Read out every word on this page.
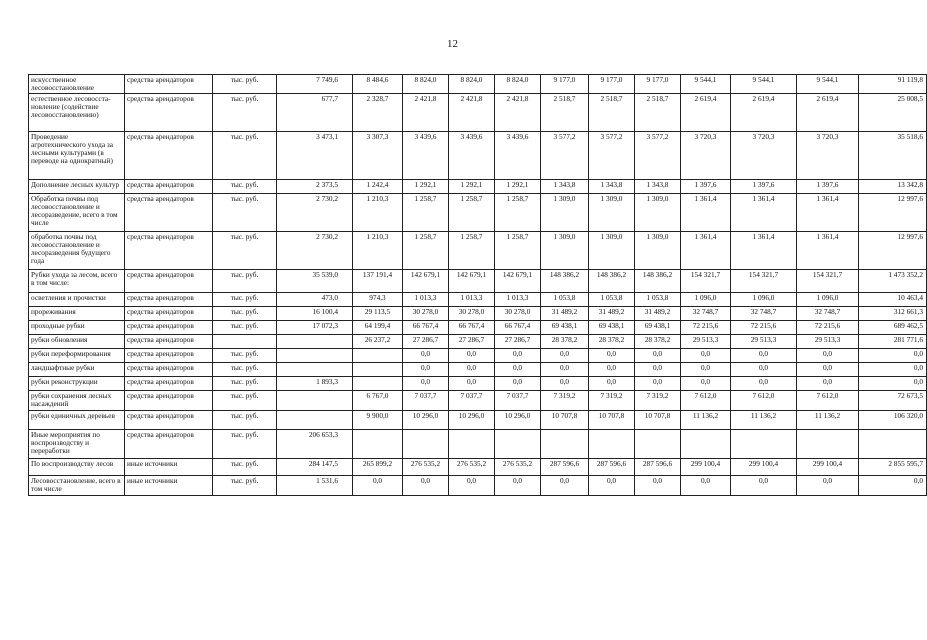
12
искусственное лесовосстановление	средства арендаторов	тыс. руб.	7 749,6	8 484,6	8 824,0	8 824,0	8 824,0	9 177,0	9 177,0	9 177,0	9 544,1	9 544,1	9 544,1	91 119,8
естественное лесовосста-новление (содействие лесовосстановлению)	средства арендаторов	тыс. руб.	677,7	2 328,7	2 421,8	2 421,8	2 421,8	2 518,7	2 518,7	2 518,7	2 619,4	2 619,4	2 619,4	25 008,5
Проведение агротехнического ухода за лесными культурами (в переводе на однократный)	средства арендаторов	тыс. руб.	3 473,1	3 307,3	3 439,6	3 439,6	3 439,6	3 577,2	3 577,2	3 577,2	3 720,3	3 720,3	3 720,3	35 518,6
Дополнение лесных культур	средства арендаторов	тыс. руб.	2 373,5	1 242,4	1 292,1	1 292,1	1 292,1	1 343,8	1 343,8	1 343,8	1 397,6	1 397,6	1 397,6	13 342,8
Обработка почвы под лесовосстановление и лесоразведение, всего в том числе	средства арендаторов	тыс. руб.	2 730,2	1 210,3	1 258,7	1 258,7	1 258,7	1 309,0	1 309,0	1 309,0	1 361,4	1 361,4	1 361,4	12 997,6
обработка почвы под лесовосстановление и лесоразведения будущего года	средства арендаторов	тыс. руб.	2 730,2	1 210,3	1 258,7	1 258,7	1 258,7	1 309,0	1 309,0	1 309,0	1 361,4	1 361,4	1 361,4	12 997,6
Рубки ухода за лесом, всего в том числе:	средства арендаторов	тыс. руб.	35 539,0	137 191,4	142 679,1	142 679,1	142 679,1	148 386,2	148 386,2	148 386,2	154 321,7	154 321,7	154 321,7	1 473 352,2
осветления и прочистки	средства арендаторов	тыс. руб.	473,0	974,3	1 013,3	1 013,3	1 013,3	1 053,8	1 053,8	1 053,8	1 096,0	1 096,0	1 096,0	10 463,4
прореживания	средства арендаторов	тыс. руб.	16 100,4	29 113,5	30 278,0	30 278,0	30 278,0	31 489,2	31 489,2	31 489,2	32 748,7	32 748,7	32 748,7	312 661,3
проходные рубки	средства арендаторов	тыс. руб.	17 072,3	64 199,4	66 767,4	66 767,4	66 767,4	69 438,1	69 438,1	69 438,1	72 215,6	72 215,6	72 215,6	689 462,5
рубки обновления	средства арендаторов			26 237,2	27 286,7	27 286,7	27 286,7	28 378,2	28 378,2	28 378,2	29 513,3	29 513,3	29 513,3	281 771,6
рубки переформирования	средства арендаторов	тыс. руб.			0,0	0,0	0,0	0,0	0,0	0,0	0,0	0,0	0,0	0,0
ландшафтные рубки	средства арендаторов	тыс. руб.			0,0	0,0	0,0	0,0	0,0	0,0	0,0	0,0	0,0	0,0
рубки реконструкции	средства арендаторов	тыс. руб.	1 893,3		0,0	0,0	0,0	0,0	0,0	0,0	0,0	0,0	0,0	0,0
рубки сохранения лесных насаждений	средства арендаторов	тыс. руб.		6 767,0	7 037,7	7 037,7	7 037,7	7 319,2	7 319,2	7 319,2	7 612,0	7 612,0	7 612,0	72 673,5
рубки единичных деревьев	средства арендаторов	тыс. руб.		9 900,0	10 296,0	10 296,0	10 296,0	10 707,8	10 707,8	10 707,8	11 136,2	11 136,2	11 136,2	106 320,0
Иные мероприятия по воспроизводству и переработки	средства арендаторов	тыс. руб.	206 653,3											
По воспроизводству лесов	иные источники	тыс. руб.	284 147,5	265 899,2	276 535,2	276 535,2	276 535,2	287 596,6	287 596,6	287 596,6	299 100,4	299 100,4	299 100,4	2 855 595,7
Лесовосстановление, всего в том числе	иные источники	тыс. руб.	1 531,6	0,0	0,0	0,0	0,0	0,0	0,0	0,0	0,0	0,0	0,0	0,0
